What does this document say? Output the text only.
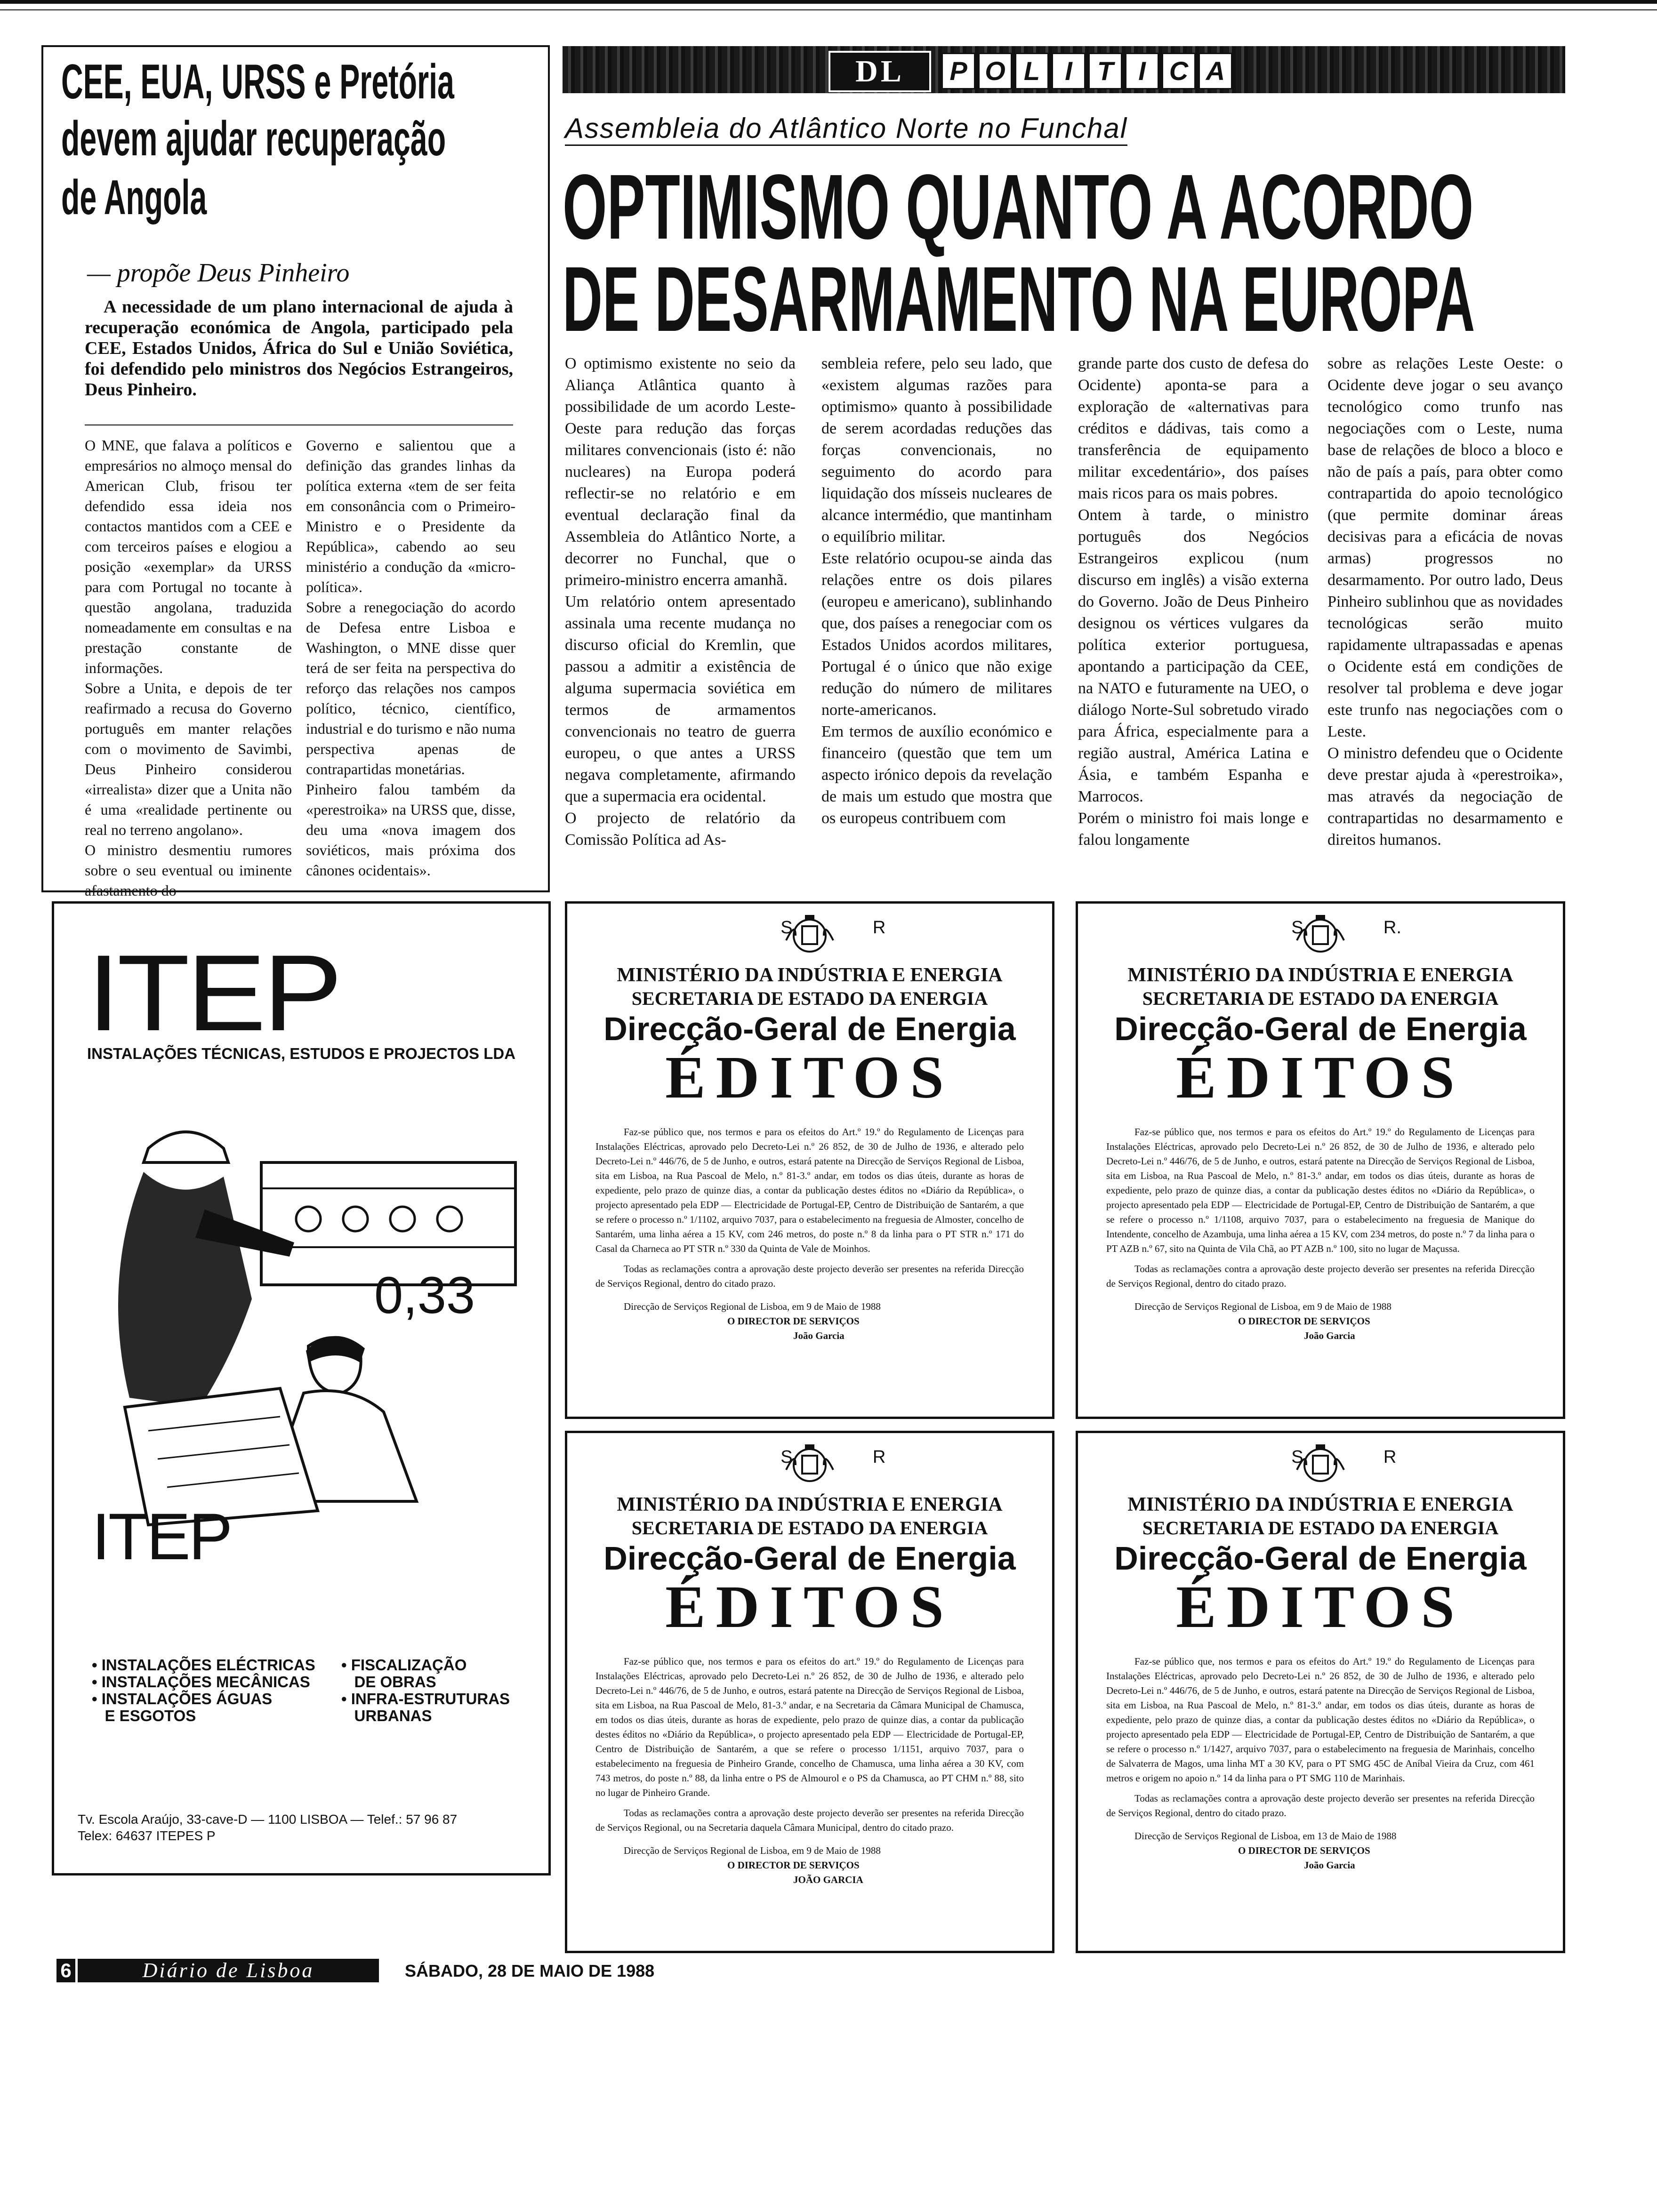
CEE, EUA, URSS e Pretória
devem ajudar recuperação
de Angola
— propõe Deus Pinheiro

A necessidade de um plano internacional de ajuda à recuperação económica de Angola, participado pela CEE, Estados Unidos, África do Sul e União Soviética, foi defendido pelo ministros dos Negócios Estrangeiros, Deus Pinheiro.

O MNE, que falava a políticos e empresários no almoço mensal do American Club, frisou ter defendido essa ideia nos contactos mantidos com a CEE e com terceiros países e elogiou a posição «exemplar» da URSS para com Portugal no tocante à questão angolana, traduzida nomeadamente em consultas e na prestação constante de informações.
Sobre a Unita, e depois de ter reafirmado a recusa do Governo português em manter relações com o movimento de Savimbi, Deus Pinheiro considerou «irrealista» dizer que a Unita não é uma «realidade pertinente ou real no terreno angolano».
O ministro desmentiu rumores sobre o seu eventual ou iminente afastamento do

Governo e salientou que a definição das grandes linhas da política externa «tem de ser feita em consonância com o Primeiro-Ministro e o Presidente da República», cabendo ao seu ministério a condução da «micro-política».
Sobre a renegociação do acordo de Defesa entre Lisboa e Washington, o MNE disse quer terá de ser feita na perspectiva do reforço das relações nos campos político, técnico, científico, industrial e do turismo e não numa perspectiva apenas de contrapartidas monetárias.
Pinheiro falou também da «perestroika» na URSS que, disse, deu uma «nova imagem dos soviéticos, mais próxima dos cânones ocidentais».

DL	P O L I T I C A
Assembleia do Atlântico Norte no Funchal
OPTIMISMO QUANTO A ACORDO
DE DESARMAMENTO NA EUROPA

O optimismo existente no seio da Aliança Atlântica quanto à possibilidade de um acordo Leste-Oeste para redução das forças militares convencionais (isto é: não nucleares) na Europa poderá reflectir-se no relatório e em eventual declaração final da Assembleia do Atlântico Norte, a decorrer no Funchal, que o primeiro-ministro encerra amanhã.
Um relatório ontem apresentado assinala uma recente mudança no discurso oficial do Kremlin, que passou a admitir a existência de alguma supermacia soviética em termos de armamentos convencionais no teatro de guerra europeu, o que antes a URSS negava completamente, afirmando que a supermacia era ocidental.
O projecto de relatório da Comissão Política ad As-

sembleia refere, pelo seu lado, que «existem algumas razões para optimismo» quanto à possibilidade de serem acordadas reduções das forças convencionais, no seguimento do acordo para liquidação dos mísseis nucleares de alcance intermédio, que mantinham o equilíbrio militar.
Este relatório ocupou-se ainda das relações entre os dois pilares (europeu e americano), sublinhando que, dos países a renegociar com os Estados Unidos acordos militares, Portugal é o único que não exige redução do número de militares norte-americanos.
Em termos de auxílio económico e financeiro (questão que tem um aspecto irónico depois da revelação de mais um estudo que mostra que os europeus contribuem com

grande parte dos custo de defesa do Ocidente) aponta-se para a exploração de «alternativas para créditos e dádivas, tais como a transferência de equipamento militar excedentário», dos países mais ricos para os mais pobres.
Ontem à tarde, o ministro português dos Negócios Estrangeiros explicou (num discurso em inglês) a visão externa do Governo. João de Deus Pinheiro designou os vértices vulgares da política exterior portuguesa, apontando a participação da CEE, na NATO e futuramente na UEO, o diálogo Norte-Sul sobretudo virado para África, especialmente para a região austral, América Latina e Ásia, e também Espanha e Marrocos.
Porém o ministro foi mais longe e falou longamente

sobre as relações Leste Oeste: o Ocidente deve jogar o seu avanço tecnológico como trunfo nas negociações com o Leste, numa base de relações de bloco a bloco e não de país a país, para obter como contrapartida do apoio tecnológico (que permite dominar áreas decisivas para a eficácia de novas armas) progressos no desarmamento. Por outro lado, Deus Pinheiro sublinhou que as novidades tecnológicas serão muito rapidamente ultrapassadas e apenas o Ocidente está em condições de resolver tal problema e deve jogar este trunfo nas negociações com o Leste.
O ministro defendeu que o Ocidente deve prestar ajuda à «perestroika», mas através da negociação de contrapartidas no desarmamento e direitos humanos.

ITEP
INSTALAÇÕES TÉCNICAS, ESTUDOS E PROJECTOS LDA
0,33
ITEP
• INSTALAÇÕES ELÉCTRICAS
• INSTALAÇÕES MECÂNICAS
• INSTALAÇÕES ÁGUAS
E ESGOTOS
• FISCALIZAÇÃO
DE OBRAS
• INFRA-ESTRUTURAS
URBANAS
Tv. Escola Araújo, 33-cave-D — 1100 LISBOA — Telef.: 57 96 87
Telex: 64637 ITEPES P
S	R
MINISTÉRIO DA INDÚSTRIA E ENERGIA
SECRETARIA DE ESTADO DA ENERGIA
Direcção-Geral de Energia
ÉDITOS

Faz-se público que, nos termos e para os efeitos do Art.º 19.º do Regulamento de Licenças para Instalações Eléctricas, aprovado pelo Decreto-Lei n.º 26 852, de 30 de Julho de 1936, e alterado pelo Decreto-Lei n.º 446/76, de 5 de Junho, e outros, estará patente na Direcção de Serviços Regional de Lisboa, sita em Lisboa, na Rua Pascoal de Melo, n.º 81-3.º andar, em todos os dias úteis, durante as horas de expediente, pelo prazo de quinze dias, a contar da publicação destes éditos no «Diário da República», o projecto apresentado pela EDP — Electricidade de Portugal-EP, Centro de Distribuição de Santarém, a que se refere o processo n.º 1/1102, arquivo 7037, para o estabelecimento na freguesia de Almoster, concelho de Santarém, uma linha aérea a 15 KV, com 246 metros, do poste n.º 8 da linha para o PT STR n.º 171 do Casal da Charneca ao PT STR n.º 330 da Quinta de Vale de Moinhos.

Todas as reclamações contra a aprovação deste projecto deverão ser presentes na referida Direcção de Serviços Regional, dentro do citado prazo.

Direcção de Serviços Regional de Lisboa, em 9 de Maio de 1988
O DIRECTOR DE SERVIÇOS
João Garcia
S	R.
MINISTÉRIO DA INDÚSTRIA E ENERGIA
SECRETARIA DE ESTADO DA ENERGIA
Direcção-Geral de Energia
ÉDITOS

Faz-se público que, nos termos e para os efeitos do Art.º 19.º do Regulamento de Licenças para Instalações Eléctricas, aprovado pelo Decreto-Lei n.º 26 852, de 30 de Julho de 1936, e alterado pelo Decreto-Lei n.º 446/76, de 5 de Junho, e outros, estará patente na Direcção de Serviços Regional de Lisboa, sita em Lisboa, na Rua Pascoal de Melo, n.º 81-3.º andar, em todos os dias úteis, durante as horas de expediente, pelo prazo de quinze dias, a contar da publicação destes éditos no «Diário da República», o projecto apresentado pela EDP — Electricidade de Portugal-EP, Centro de Distribuição de Santarém, a que se refere o processo n.º 1/1108, arquivo 7037, para o estabelecimento na freguesia de Manique do Intendente, concelho de Azambuja, uma linha aérea a 15 KV, com 234 metros, do poste n.º 7 da linha para o PT AZB n.º 67, sito na Quinta de Vila Chã, ao PT AZB n.º 100, sito no lugar de Maçussa.

Todas as reclamações contra a aprovação deste projecto deverão ser presentes na referida Direcção de Serviços Regional, dentro do citado prazo.

Direcção de Serviços Regional de Lisboa, em 9 de Maio de 1988
O DIRECTOR DE SERVIÇOS
João Garcia
S	R
MINISTÉRIO DA INDÚSTRIA E ENERGIA
SECRETARIA DE ESTADO DA ENERGIA
Direcção-Geral de Energia
ÉDITOS

Faz-se público que, nos termos e para os efeitos do art.º 19.º do Regulamento de Licenças para Instalações Eléctricas, aprovado pelo Decreto-Lei n.º 26 852, de 30 de Julho de 1936, e alterado pelo Decreto-Lei n.º 446/76, de 5 de Junho, e outros, estará patente na Direcção de Serviços Regional de Lisboa, sita em Lisboa, na Rua Pascoal de Melo, 81-3.º andar, e na Secretaria da Câmara Municipal de Chamusca, em todos os dias úteis, durante as horas de expediente, pelo prazo de quinze dias, a contar da publicação destes éditos no «Diário da República», o projecto apresentado pela EDP — Electricidade de Portugal-EP, Centro de Distribuição de Santarém, a que se refere o processo 1/1151, arquivo 7037, para o estabelecimento na freguesia de Pinheiro Grande, concelho de Chamusca, uma linha aérea a 30 KV, com 743 metros, do poste n.º 88, da linha entre o PS de Almourol e o PS da Chamusca, ao PT CHM n.º 88, sito no lugar de Pinheiro Grande.

Todas as reclamações contra a aprovação deste projecto deverão ser presentes na referida Direcção de Serviços Regional, ou na Secretaria daquela Câmara Municipal, dentro do citado prazo.

Direcção de Serviços Regional de Lisboa, em 9 de Maio de 1988
O DIRECTOR DE SERVIÇOS
JOÃO GARCIA
S	R
MINISTÉRIO DA INDÚSTRIA E ENERGIA
SECRETARIA DE ESTADO DA ENERGIA
Direcção-Geral de Energia
ÉDITOS

Faz-se público que, nos termos e para os efeitos do Art.º 19.º do Regulamento de Licenças para Instalações Eléctricas, aprovado pelo Decreto-Lei n.º 26 852, de 30 de Julho de 1936, e alterado pelo Decreto-Lei n.º 446/76, de 5 de Junho, e outros, estará patente na Direcção de Serviços Regional de Lisboa, sita em Lisboa, na Rua Pascoal de Melo, n.º 81-3.º andar, em todos os dias úteis, durante as horas de expediente, pelo prazo de quinze dias, a contar da publicação destes éditos no «Diário da República», o projecto apresentado pela EDP — Electricidade de Portugal-EP, Centro de Distribuição de Santarém, a que se refere o processo n.º 1/1427, arquivo 7037, para o estabelecimento na freguesia de Marinhais, concelho de Salvaterra de Magos, uma linha MT a 30 KV, para o PT SMG 45C de Aníbal Vieira da Cruz, com 461 metros e origem no apoio n.º 14 da linha para o PT SMG 110 de Marinhais.

Todas as reclamações contra a aprovação deste projecto deverão ser presentes na referida Direcção de Serviços Regional, dentro do citado prazo.

Direcção de Serviços Regional de Lisboa, em 13 de Maio de 1988
O DIRECTOR DE SERVIÇOS
João Garcia
6	Diário de Lisboa	SÁBADO, 28 DE MAIO DE 1988
